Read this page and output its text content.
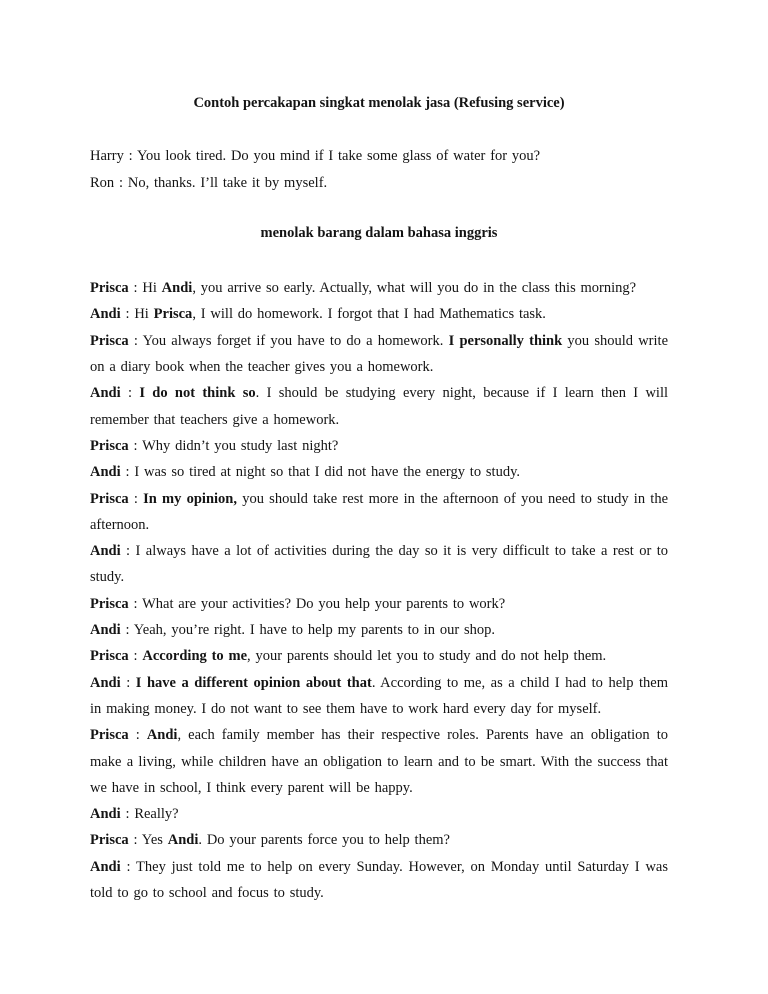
Contoh percakapan singkat menolak jasa (Refusing service)

Harry : You look tired. Do you mind if I take some glass of water for you?

Ron : No, thanks. I’ll take it by myself.

menolak barang dalam bahasa inggris

Prisca : Hi Andi, you arrive so early. Actually, what will you do in the class this morning?

Andi : Hi Prisca, I will do homework. I forgot that I had Mathematics task.

Prisca : You always forget if you have to do a homework. I personally think you should write on a diary book when the teacher gives you a homework.

Andi : I do not think so. I should be studying every night, because if I learn then I will remember that teachers give a homework.

Prisca : Why didn’t you study last night?

Andi : I was so tired at night so that I did not have the energy to study.

Prisca : In my opinion, you should take rest more in the afternoon of you need to study in the afternoon.

Andi : I always have a lot of activities during the day so it is very difficult to take a rest or to study.

Prisca : What are your activities? Do you help your parents to work?

Andi : Yeah, you’re right. I have to help my parents to in our shop.

Prisca : According to me, your parents should let you to study and do not help them.

Andi : I have a different opinion about that. According to me, as a child I had to help them in making money. I do not want to see them have to work hard every day for myself.

Prisca : Andi, each family member has their respective roles. Parents have an obligation to make a living, while children have an obligation to learn and to be smart. With the success that we have in school, I think every parent will be happy.

Andi : Really?

Prisca : Yes Andi. Do your parents force you to help them?

Andi : They just told me to help on every Sunday. However, on Monday until Saturday I was told to go to school and focus to study.
